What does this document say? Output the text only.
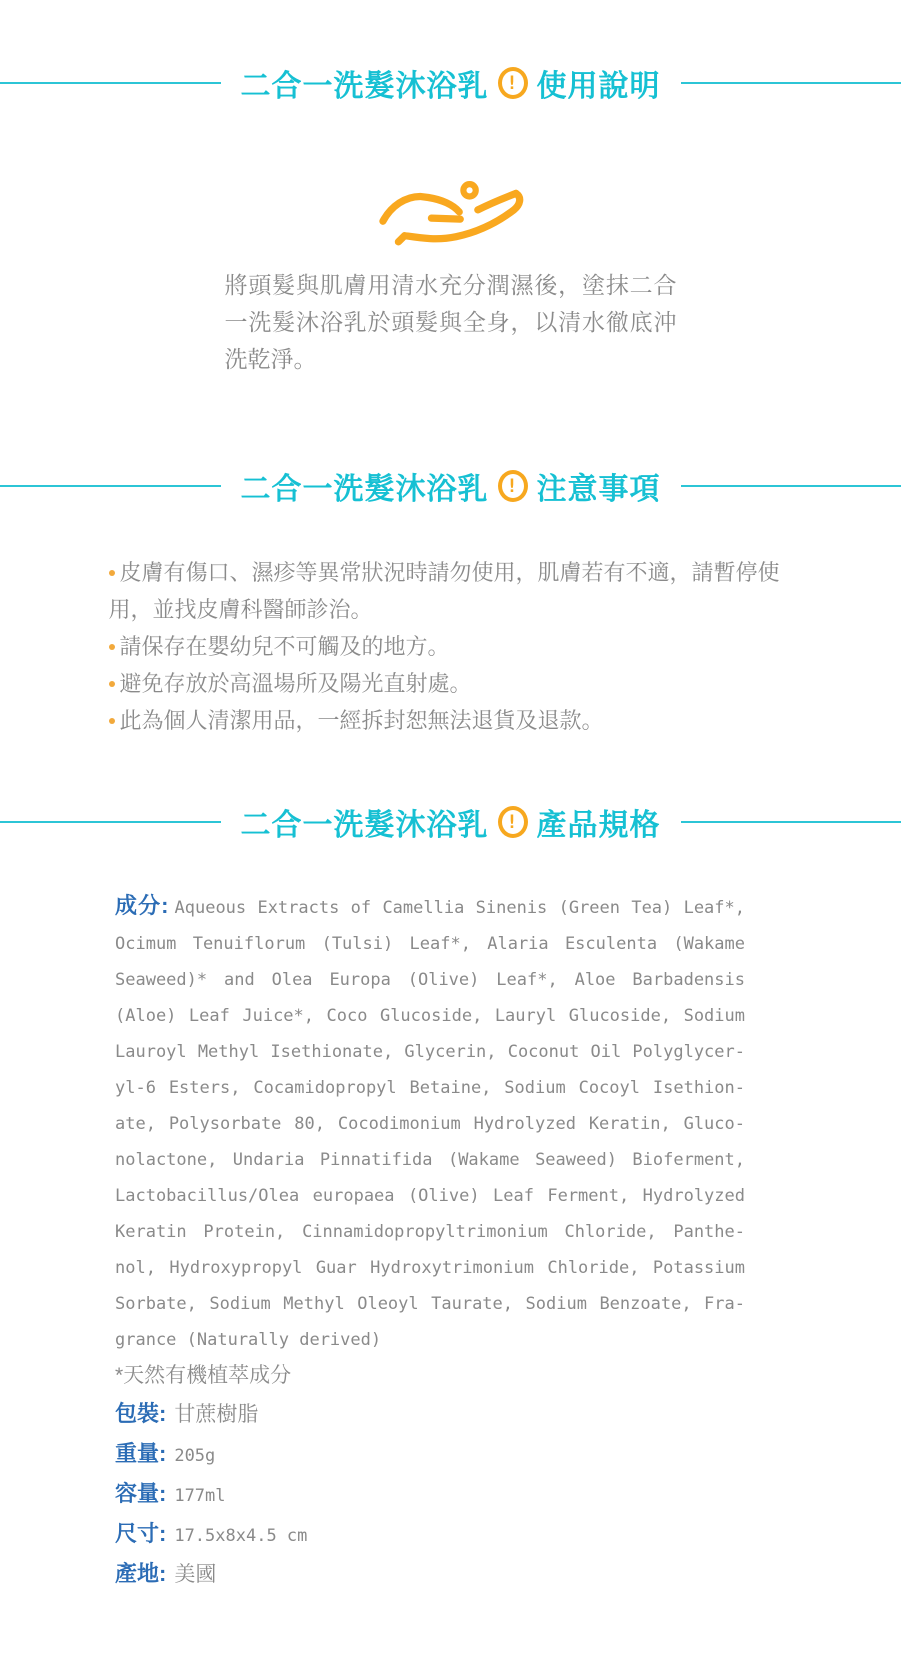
二合一洗髮沐浴乳 ! 使用說明

將頭髮與肌膚用清水充分潤濕後，塗抹二合一洗髮沐浴乳於頭髮與全身，以清水徹底沖洗乾淨。

二合一洗髮沐浴乳 ! 注意事項
皮膚有傷口、濕疹等異常狀況時請勿使用，肌膚若有不適，請暫停使用，並找皮膚科醫師診治。
請保存在嬰幼兒不可觸及的地方。
避免存放於高溫場所及陽光直射處。
此為個人清潔用品，一經拆封恕無法退貨及退款。
二合一洗髮沐浴乳 ! 產品規格
成分: Aqueous Extracts of Camellia Sinenis (Green Tea) Leaf*,
Ocimum Tenuiflorum (Tulsi) Leaf*, Alaria Esculenta (Wakame
Seaweed)* and Olea Europa (Olive) Leaf*, Aloe Barbadensis
(Aloe) Leaf Juice*, Coco Glucoside, Lauryl Glucoside, Sodium
Lauroyl Methyl Isethionate, Glycerin, Coconut Oil Polyglycer-
yl-6 Esters, Cocamidopropyl Betaine, Sodium Cocoyl Isethion-
ate, Polysorbate 80, Cocodimonium Hydrolyzed Keratin, Gluco-
nolactone, Undaria Pinnatifida (Wakame Seaweed) Bioferment,
Lactobacillus/Olea europaea (Olive) Leaf Ferment, Hydrolyzed
Keratin Protein, Cinnamidopropyltrimonium Chloride, Panthe-
nol, Hydroxypropyl Guar Hydroxytrimonium Chloride, Potassium
Sorbate, Sodium Methyl Oleoyl Taurate, Sodium Benzoate, Fra-
grance (Naturally derived)
*天然有機植萃成分
包裝: 甘蔗樹脂
重量: 205g
容量: 177ml
尺寸: 17.5x8x4.5 cm
產地: 美國
